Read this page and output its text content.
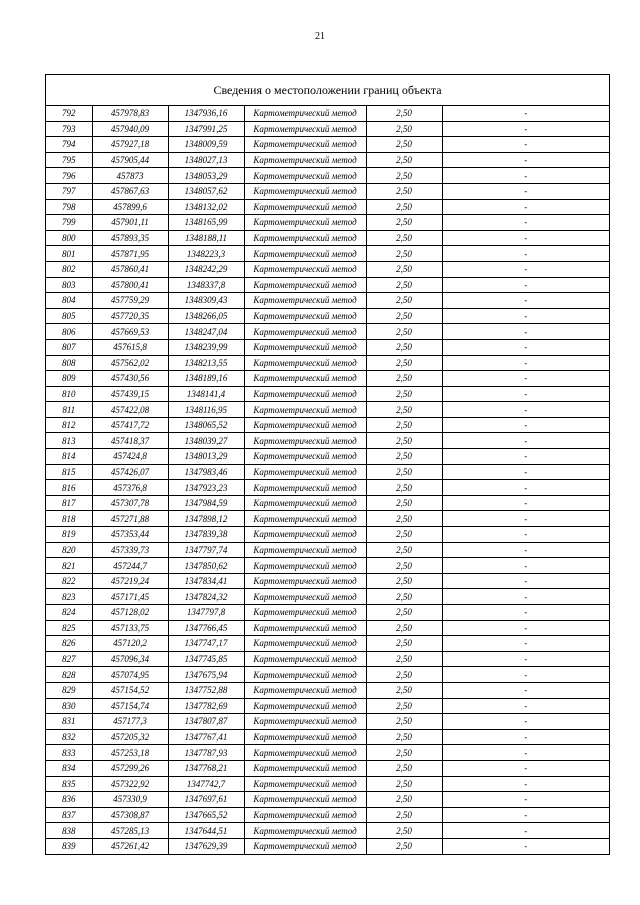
21
Сведения о местоположении границ объекта
792	457978,83	1347936,16	Картометрический метод	2,50	-
793	457940,09	1347991,25	Картометрический метод	2,50	-
794	457927,18	1348009,59	Картометрический метод	2,50	-
795	457905,44	1348027,13	Картометрический метод	2,50	-
796	457873	1348053,29	Картометрический метод	2,50	-
797	457867,63	1348057,62	Картометрический метод	2,50	-
798	457899,6	1348132,02	Картометрический метод	2,50	-
799	457901,11	1348165,99	Картометрический метод	2,50	-
800	457893,35	1348188,11	Картометрический метод	2,50	-
801	457871,95	1348223,3	Картометрический метод	2,50	-
802	457860,41	1348242,29	Картометрический метод	2,50	-
803	457800,41	1348337,8	Картометрический метод	2,50	-
804	457759,29	1348309,43	Картометрический метод	2,50	-
805	457720,35	1348266,05	Картометрический метод	2,50	-
806	457669,53	1348247,04	Картометрический метод	2,50	-
807	457615,8	1348239,99	Картометрический метод	2,50	-
808	457562,02	1348213,55	Картометрический метод	2,50	-
809	457430,56	1348189,16	Картометрический метод	2,50	-
810	457439,15	1348141,4	Картометрический метод	2,50	-
811	457422,08	1348116,95	Картометрический метод	2,50	-
812	457417,72	1348065,52	Картометрический метод	2,50	-
813	457418,37	1348039,27	Картометрический метод	2,50	-
814	457424,8	1348013,29	Картометрический метод	2,50	-
815	457426,07	1347983,46	Картометрический метод	2,50	-
816	457376,8	1347923,23	Картометрический метод	2,50	-
817	457307,78	1347984,59	Картометрический метод	2,50	-
818	457271,88	1347898,12	Картометрический метод	2,50	-
819	457353,44	1347839,38	Картометрический метод	2,50	-
820	457339,73	1347797,74	Картометрический метод	2,50	-
821	457244,7	1347850,62	Картометрический метод	2,50	-
822	457219,24	1347834,41	Картометрический метод	2,50	-
823	457171,45	1347824,32	Картометрический метод	2,50	-
824	457128,02	1347797,8	Картометрический метод	2,50	-
825	457133,75	1347766,45	Картометрический метод	2,50	-
826	457120,2	1347747,17	Картометрический метод	2,50	-
827	457096,34	1347745,85	Картометрический метод	2,50	-
828	457074,95	1347675,94	Картометрический метод	2,50	-
829	457154,52	1347752,88	Картометрический метод	2,50	-
830	457154,74	1347782,69	Картометрический метод	2,50	-
831	457177,3	1347807,87	Картометрический метод	2,50	-
832	457205,32	1347767,41	Картометрический метод	2,50	-
833	457253,18	1347787,93	Картометрический метод	2,50	-
834	457299,26	1347768,21	Картометрический метод	2,50	-
835	457322,92	1347742,7	Картометрический метод	2,50	-
836	457330,9	1347697,61	Картометрический метод	2,50	-
837	457308,87	1347665,52	Картометрический метод	2,50	-
838	457285,13	1347644,51	Картометрический метод	2,50	-
839	457261,42	1347629,39	Картометрический метод	2,50	-
